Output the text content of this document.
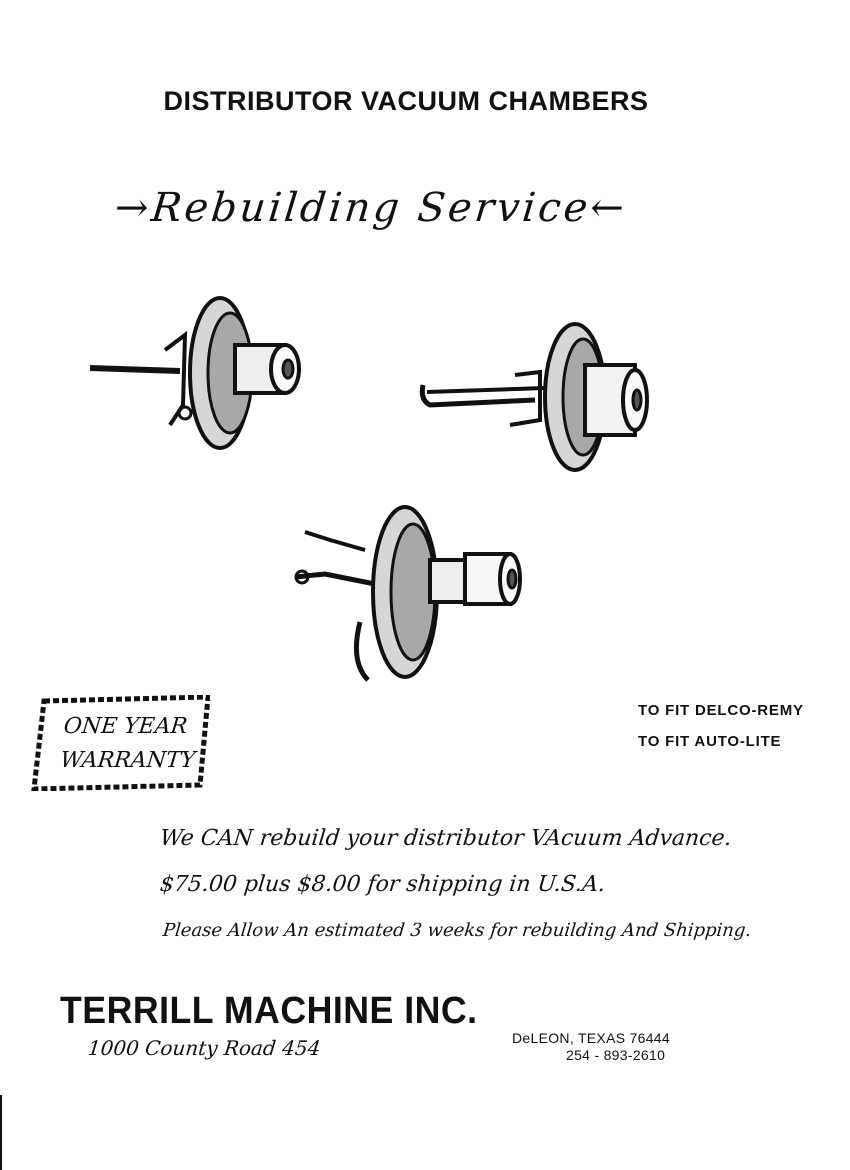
DISTRIBUTOR VACUUM CHAMBERS
→Rebuilding Service←
ONE YEAR
WARRANTY
TO FIT DELCO-REMY
TO FIT AUTO-LITE
We CAN rebuild your distributor VAcuum Advance.
$75.00 plus $8.00 for shipping in U.S.A.
Please Allow An estimated 3 weeks for rebuilding And Shipping.
TERRILL MACHINE INC.
1000 County Road 454	DeLEON, TEXAS 76444
254 - 893-2610
